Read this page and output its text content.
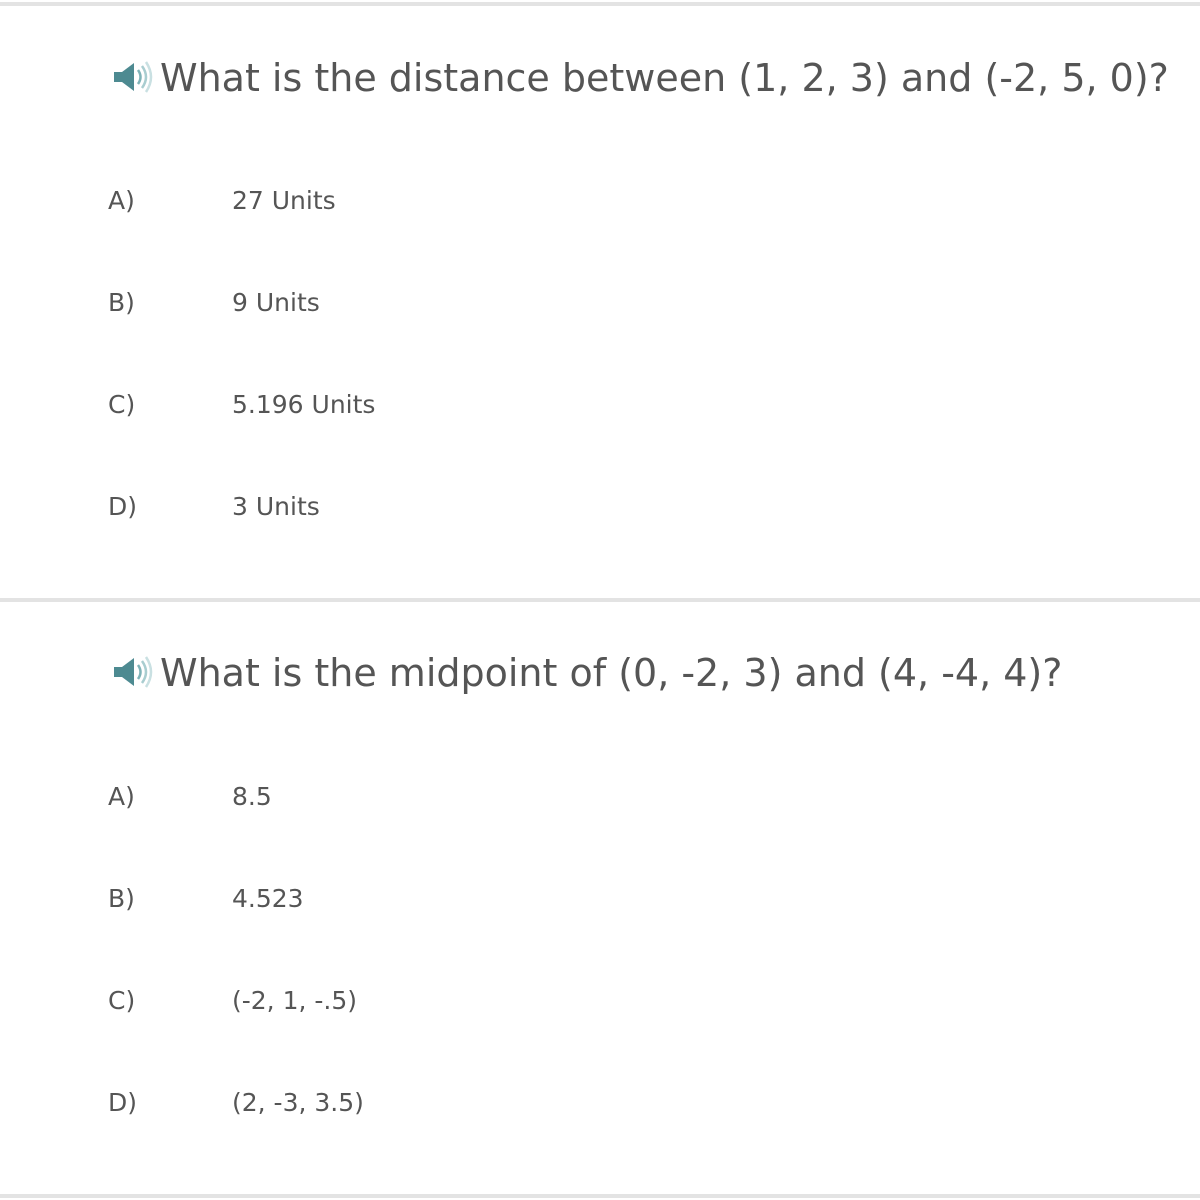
What is the distance between (1, 2, 3) and (-2, 5, 0)?
A)	27 Units
B)	9 Units
C)	5.196 Units
D)	3 Units
What is the midpoint of (0, -2, 3) and (4, -4, 4)?
A)	8.5
B)	4.523
C)	(-2, 1, -.5)
D)	(2, -3, 3.5)
